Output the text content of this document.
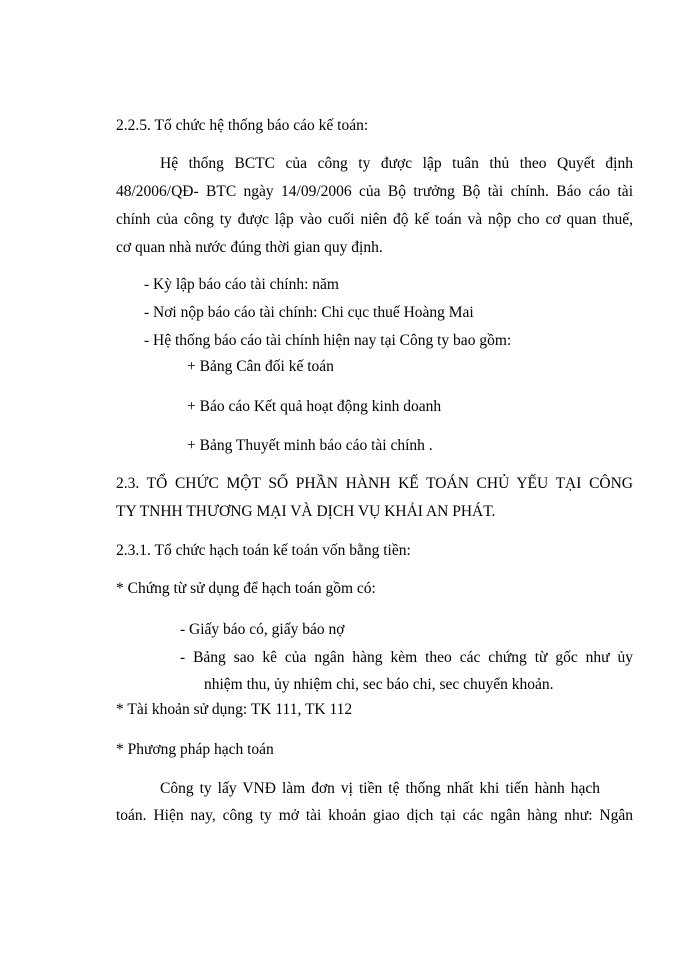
2.2.5. Tổ chức hệ thống báo cáo kế toán:
Hệ thống BCTC của công ty được lập tuân thủ theo Quyết định
48/2006/QĐ- BTC ngày 14/09/2006 của Bộ trưởng Bộ tài chính. Báo cáo tài
chính của công ty được lập vào cuối niên độ kế toán và nộp cho cơ quan thuế,
cơ quan nhà nước đúng thời gian quy định.
- Kỳ lập báo cáo tài chính: năm
- Nơi nộp báo cáo tài chính: Chi cục thuế Hoàng Mai
- Hệ thống báo cáo tài chính hiện nay tại Công ty bao gồm:
+ Bảng Cân đối kế toán
+ Báo cáo Kết quả hoạt động kinh doanh
+ Bảng Thuyết minh báo cáo tài chính .
2.3. TỔ CHỨC MỘT SỐ PHẦN HÀNH KẾ TOÁN CHỦ YẾU TẠI CÔNG
TY TNHH THƯƠNG MẠI VÀ DỊCH VỤ KHẢI AN PHÁT.
2.3.1. Tổ chức hạch toán kế toán vốn bằng tiền:
* Chứng từ sử dụng để hạch toán gồm có:
- Giấy báo có, giấy báo nợ
- Bảng sao kê của ngân hàng kèm theo các chứng từ gốc như ủy
nhiệm thu, ủy nhiệm chi, sec báo chi, sec chuyển khoản.
* Tài khoản sử dụng: TK 111, TK 112
* Phương pháp hạch toán
Công ty lấy VNĐ làm đơn vị tiền tệ thống nhất khi tiến hành hạch
toán. Hiện nay, công ty mở tài khoản giao dịch tại các ngân hàng như: Ngân
